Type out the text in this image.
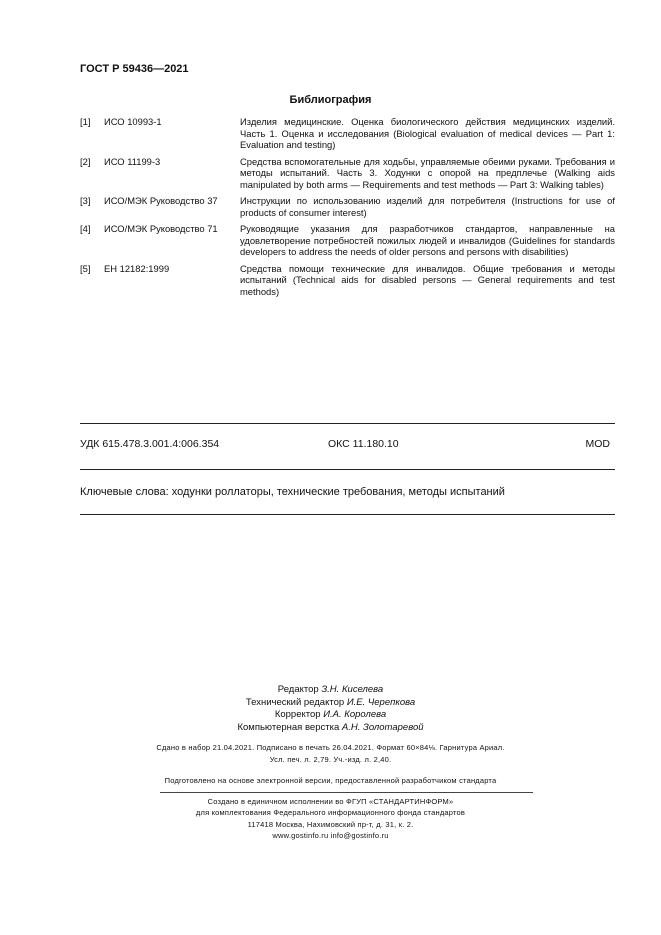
ГОСТ Р 59436—2021
Библиография
[1]	ИСО 10993-1	Изделия медицинские. Оценка биологического действия медицинских изделий. Часть 1. Оценка и исследования (Biological evaluation of medical devices — Part 1: Evaluation and testing)
[2]	ИСО 11199-3	Средства вспомогательные для ходьбы, управляемые обеими руками. Требования и методы испытаний. Часть 3. Ходунки с опорой на предплечье (Walking aids manipulated by both arms — Requirements and test methods — Part 3: Walking tables)
[3]	ИСО/МЭК Руководство 37	Инструкции по использованию изделий для потребителя (Instructions for use of products of consumer interest)
[4]	ИСО/МЭК Руководство 71	Руководящие указания для разработчиков стандартов, направленные на удовлетворение потребностей пожилых людей и инвалидов (Guidelines for standards developers to address the needs of older persons and persons with disabilities)
[5]	ЕН 12182:1999	Средства помощи технические для инвалидов. Общие требования и методы испытаний (Technical aids for disabled persons — General requirements and test methods)
УДК 615.478.3.001.4:006.354	ОКС 11.180.10	MOD
Ключевые слова: ходунки роллаторы, технические требования, методы испытаний
Редактор З.Н. Киселева
Технический редактор И.Е. Черепкова
Корректор И.А. Королева
Компьютерная верстка А.Н. Золотаревой
Сдано в набор 21.04.2021. Подписано в печать 26.04.2021. Формат 60×84⅛. Гарнитура Ариал.
Усл. печ. л. 2,79. Уч.-изд. л. 2,40.
Подготовлено на основе электронной версии, предоставленной разработчиком стандарта
Создано в единичном исполнении во ФГУП «СТАНДАРТИНФОРМ»
для комплектования Федерального информационного фонда стандартов
117418 Москва, Нахимовский пр-т, д. 31, к. 2.
www.gostinfo.ru info@gostinfo.ru
